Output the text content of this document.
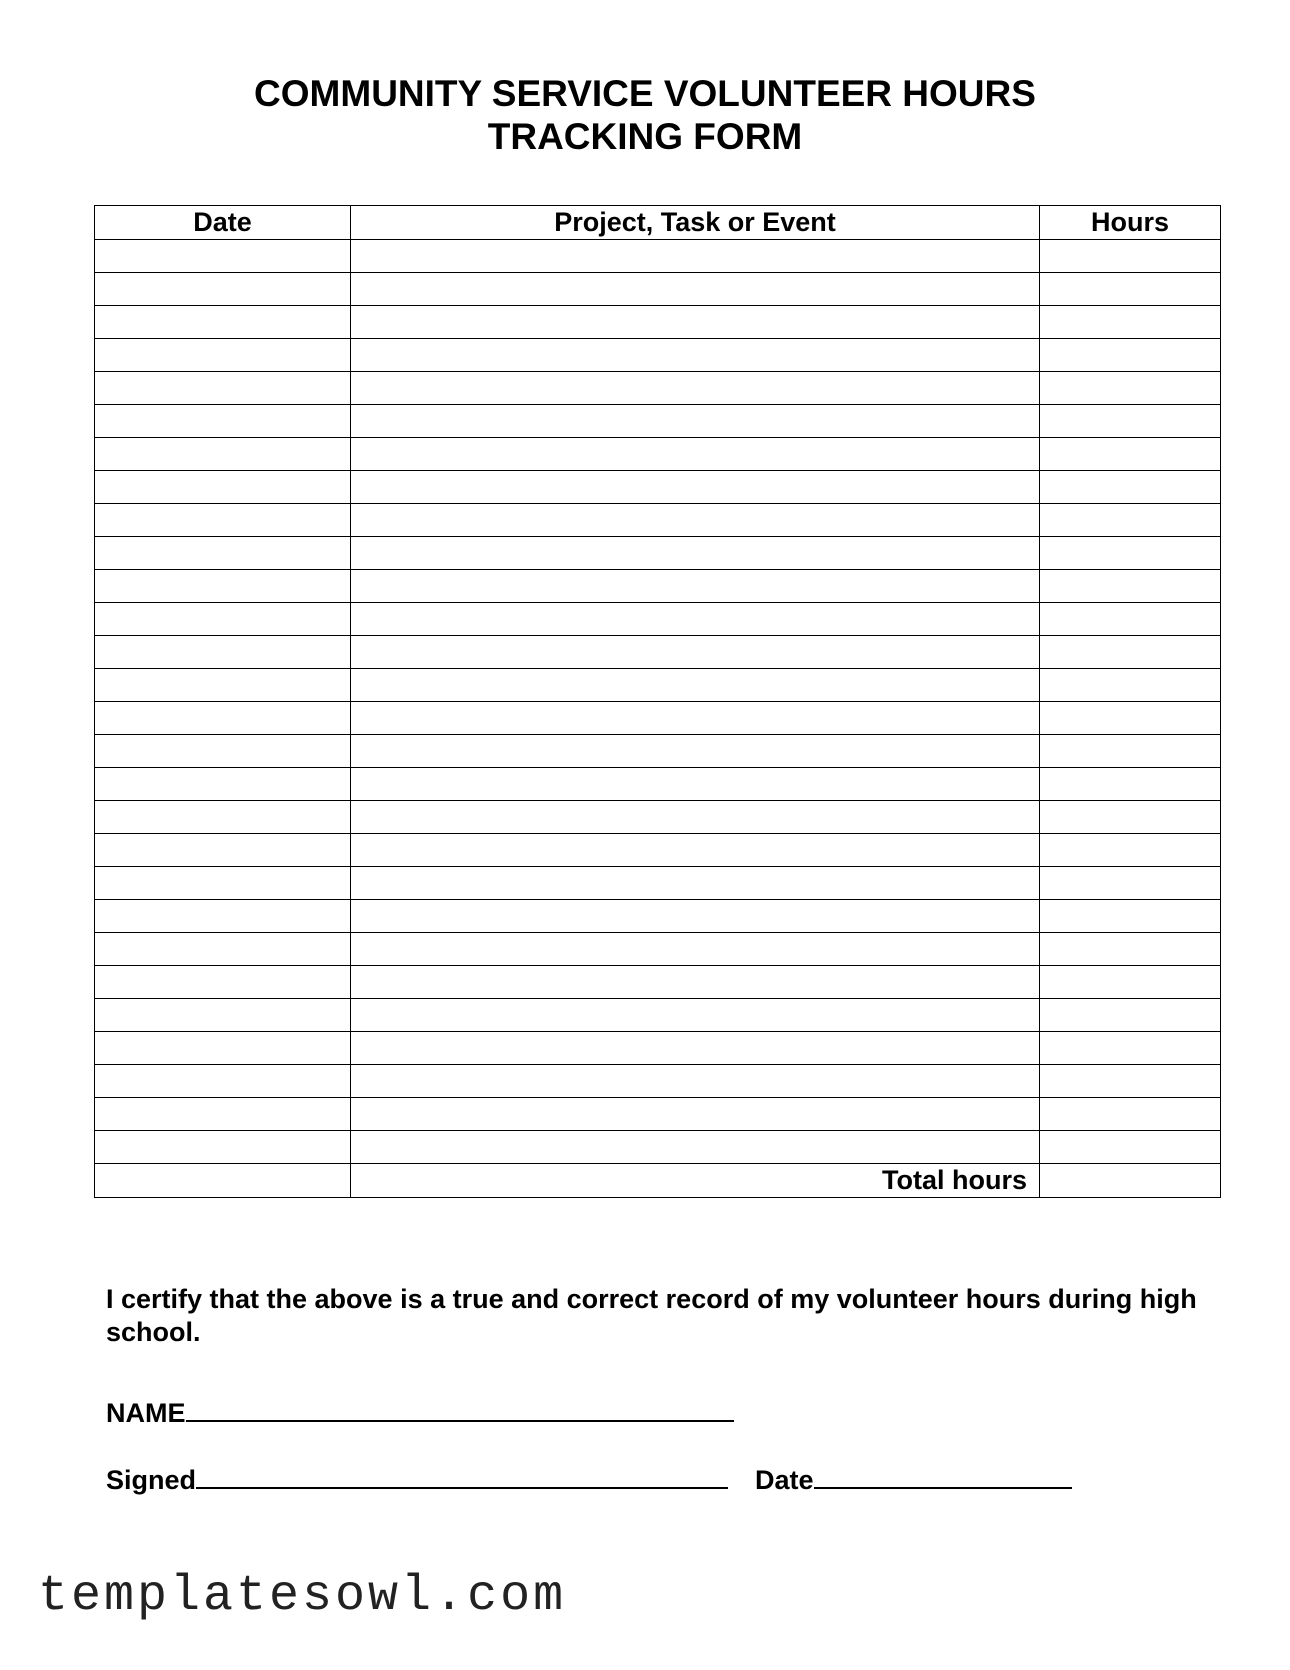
COMMUNITY SERVICE VOLUNTEER HOURS
TRACKING FORM
Date	Project, Task or Event	Hours

	Total hours	
I certify that the above is a true and correct record of my volunteer hours during high school.
NAME
Signed	Date
templatesowl.com
